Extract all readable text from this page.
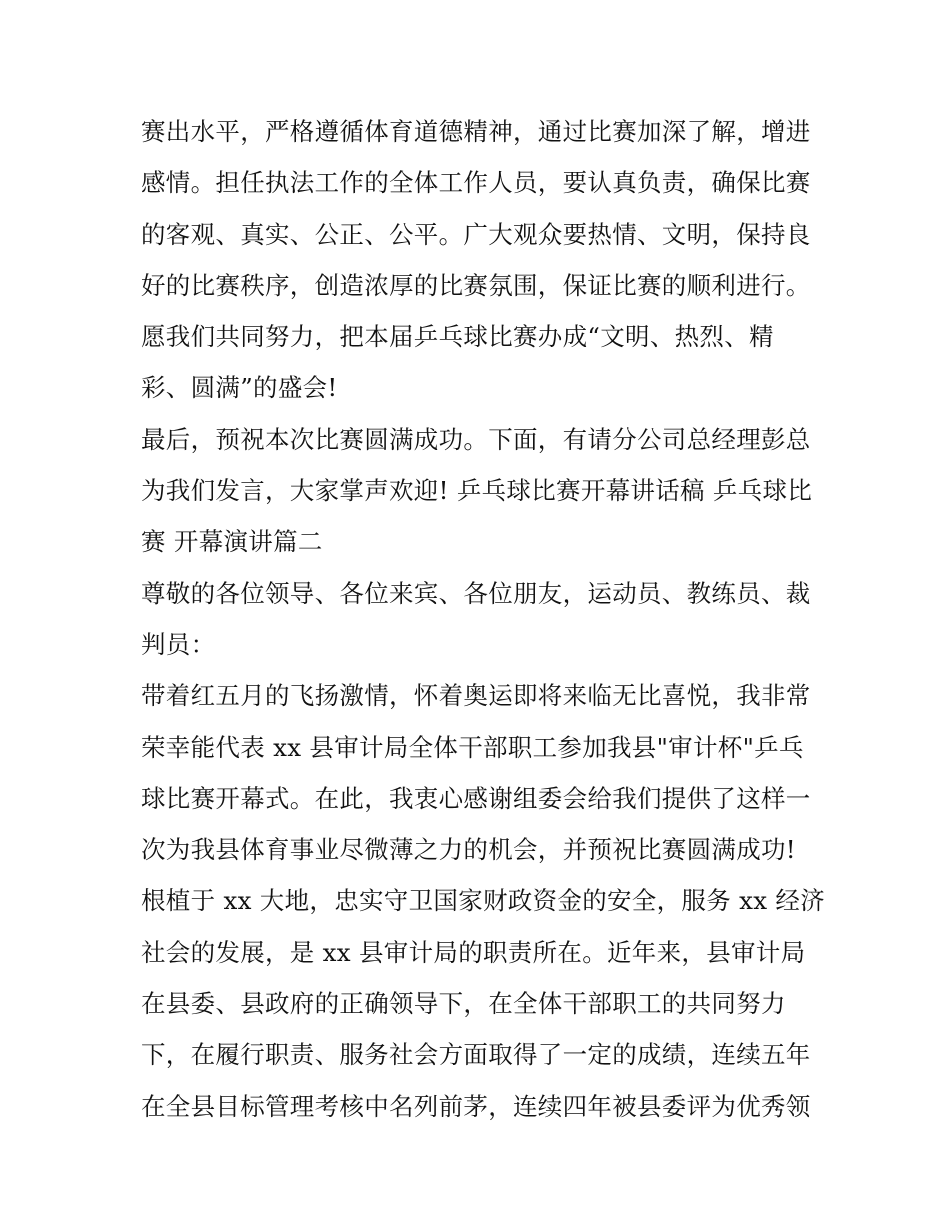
赛出水平，严格遵循体育道德精神，通过比赛加深了解，增进
感情。担任执法工作的全体工作人员，要认真负责，确保比赛
的客观、真实、公正、公平。广大观众要热情、文明，保持良
好的比赛秩序，创造浓厚的比赛氛围，保证比赛的顺利进行。
愿我们共同努力，把本届乒乓球比赛办成“文明、热烈、精
彩、圆满”的盛会!
最后，预祝本次比赛圆满成功。下面，有请分公司总经理彭总
为我们发言，大家掌声欢迎! 乒乓球比赛开幕讲话稿 乒乓球比
赛 开幕演讲篇二
尊敬的各位领导、各位来宾、各位朋友，运动员、教练员、裁
判员：
带着红五月的飞扬激情，怀着奥运即将来临无比喜悦，我非常
荣幸能代表 xx 县审计局全体干部职工参加我县"审计杯"乒乓
球比赛开幕式。在此，我衷心感谢组委会给我们提供了这样一
次为我县体育事业尽微薄之力的机会，并预祝比赛圆满成功!
根植于 xx 大地，忠实守卫国家财政资金的安全，服务 xx 经济
社会的发展，是 xx 县审计局的职责所在。近年来，县审计局
在县委、县政府的正确领导下，在全体干部职工的共同努力
下，在履行职责、服务社会方面取得了一定的成绩，连续五年
在全县目标管理考核中名列前茅，连续四年被县委评为优秀领
